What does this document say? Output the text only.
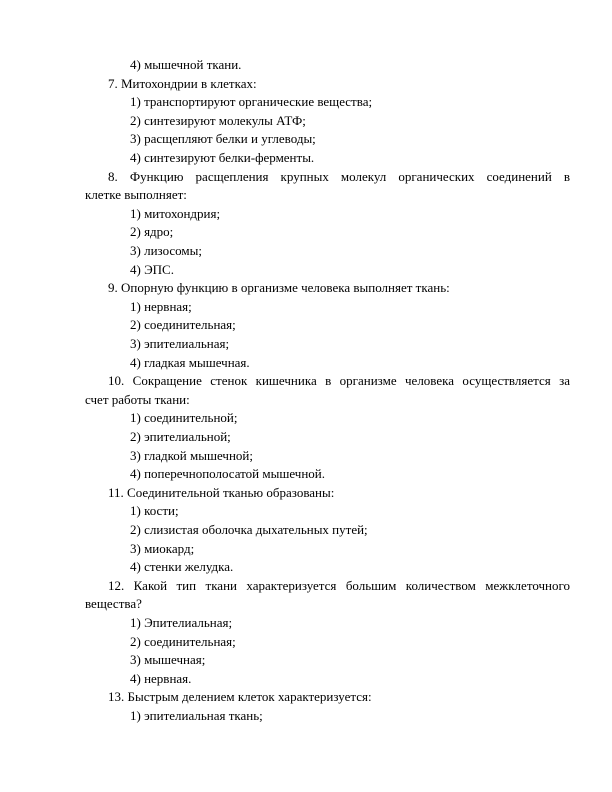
4) мышечной ткани.
7. Митохондрии в клетках:
1) транспортируют органические вещества;
2) синтезируют молекулы АТФ;
3) расщепляют белки и углеводы;
4) синтезируют белки-ферменты.
8. Функцию расщепления крупных молекул органических соединений в
клетке выполняет:
1) митохондрия;
2) ядро;
3) лизосомы;
4) ЭПС.
9. Опорную функцию в организме человека выполняет ткань:
1) нервная;
2) соединительная;
3) эпителиальная;
4) гладкая мышечная.
10. Сокращение стенок кишечника в организме человека осуществляется за
счет работы ткани:
1) соединительной;
2) эпителиальной;
3) гладкой мышечной;
4) поперечнополосатой мышечной.
11. Соединительной тканью образованы:
1) кости;
2) слизистая оболочка дыхательных путей;
3) миокард;
4) стенки желудка.
12. Какой тип ткани характеризуется большим количеством межклеточного
вещества?
1) Эпителиальная;
2) соединительная;
3) мышечная;
4) нервная.
13. Быстрым делением клеток характеризуется:
1) эпителиальная ткань;
